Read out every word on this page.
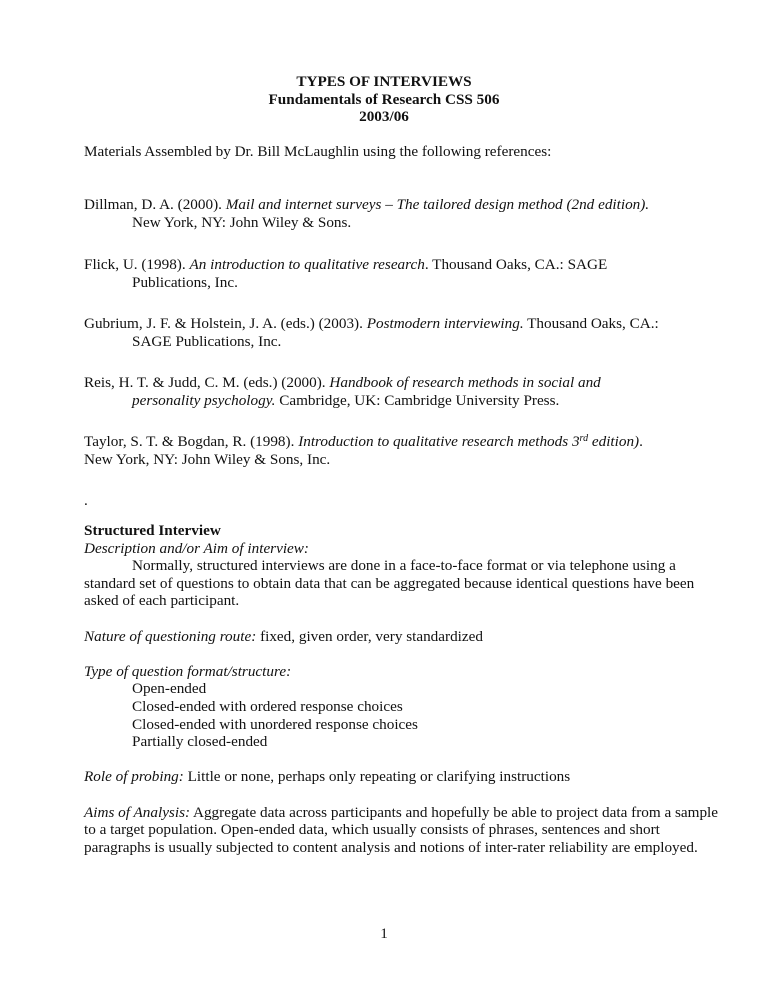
TYPES OF INTERVIEWS
Fundamentals of Research CSS 506
2003/06
Materials Assembled by Dr. Bill McLaughlin using the following references:
Dillman, D. A. (2000). Mail and internet surveys – The tailored design method (2nd edition).
New York, NY: John Wiley & Sons.
Flick, U. (1998). An introduction to qualitative research. Thousand Oaks, CA.: SAGE
Publications, Inc.
Gubrium, J. F. & Holstein, J. A. (eds.) (2003). Postmodern interviewing. Thousand Oaks, CA.:
SAGE Publications, Inc.
Reis, H. T. & Judd, C. M. (eds.) (2000). Handbook of research methods in social and
personality psychology. Cambridge, UK: Cambridge University Press.
Taylor, S. T. & Bogdan, R. (1998). Introduction to qualitative research methods 3rd edition).
New York, NY: John Wiley & Sons, Inc.
.
Structured Interview
Description and/or Aim of interview:
Normally, structured interviews are done in a face-to-face format or via telephone using a standard set of questions to obtain data that can be aggregated because identical questions have been asked of each participant.
Nature of questioning route: fixed, given order, very standardized
Type of question format/structure:
Open-ended
Closed-ended with ordered response choices
Closed-ended with unordered response choices
Partially closed-ended
Role of probing: Little or none, perhaps only repeating or clarifying instructions
Aims of Analysis: Aggregate data across participants and hopefully be able to project data from a sample to a target population. Open-ended data, which usually consists of phrases, sentences and short paragraphs is usually subjected to content analysis and notions of inter-rater reliability are employed.
1
